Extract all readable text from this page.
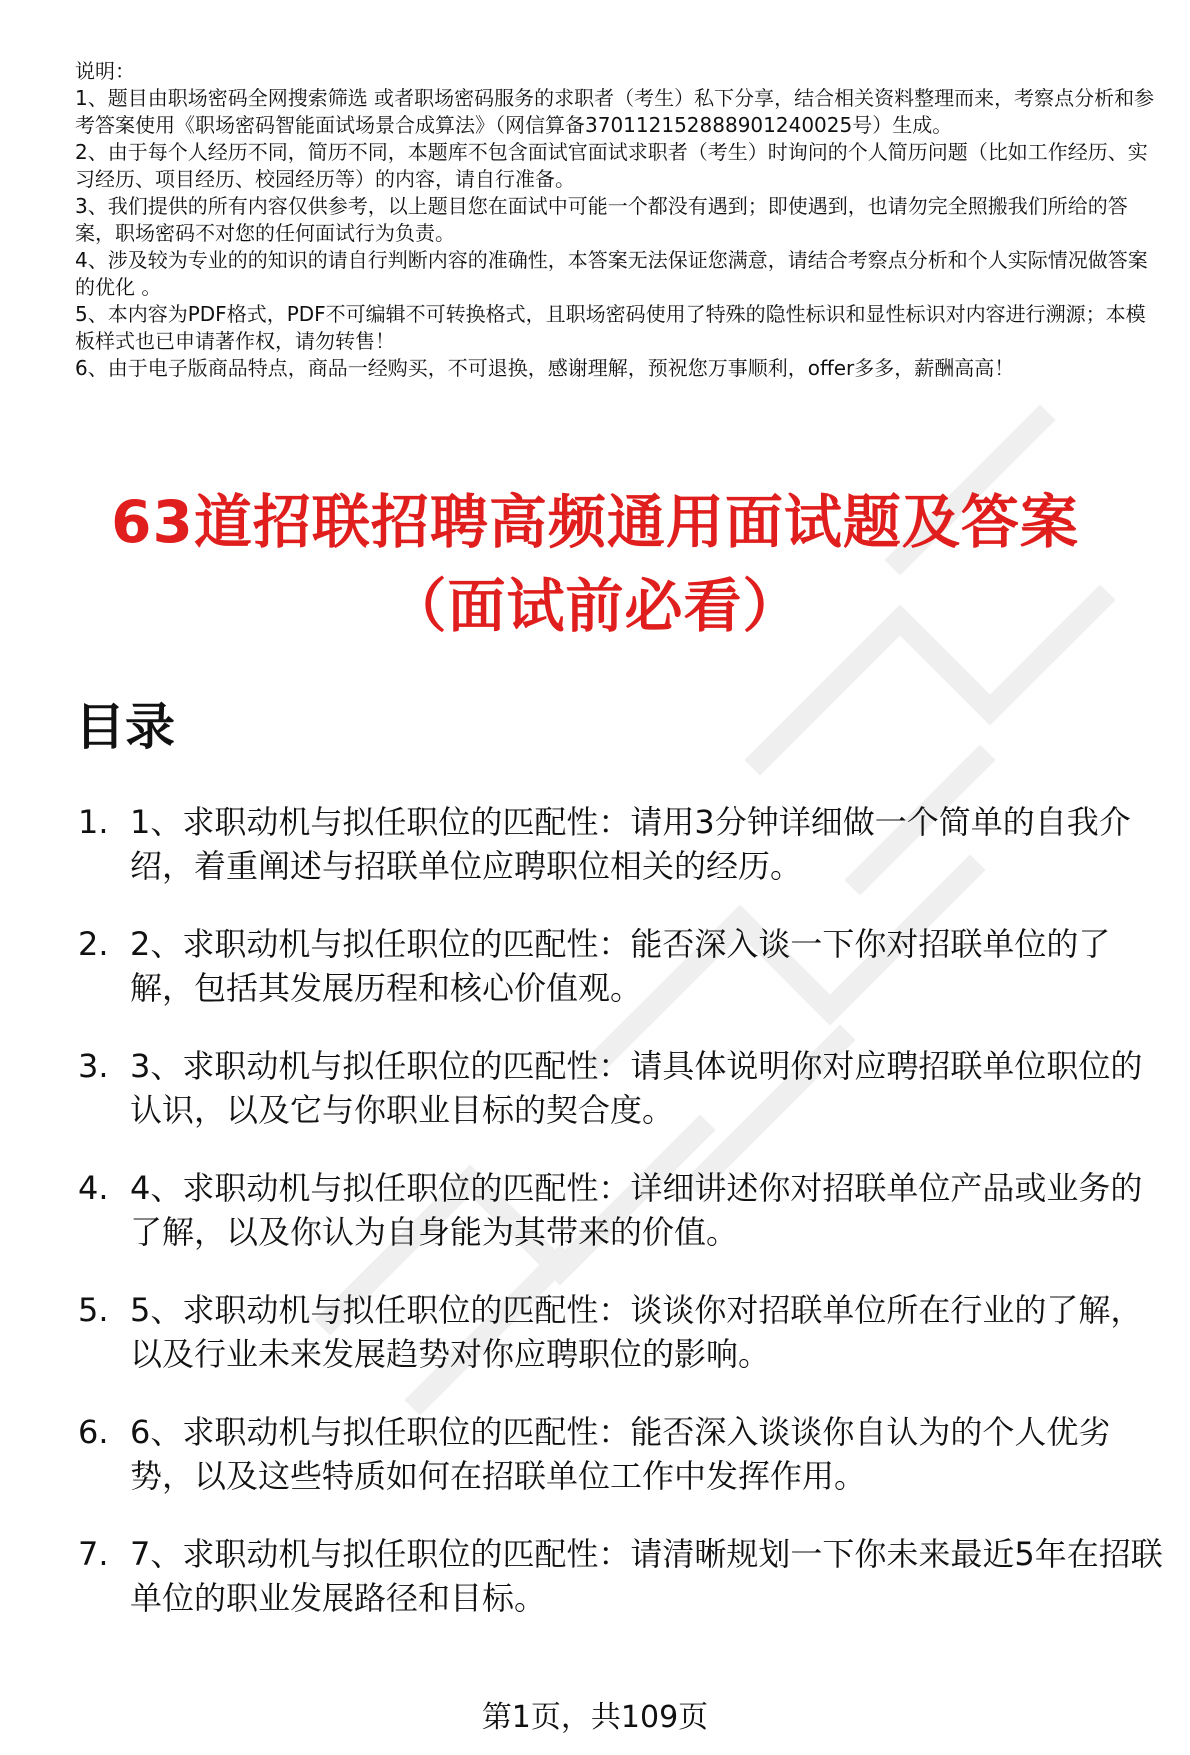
说明：

1、题目由职场密码全网搜索筛选 或者职场密码服务的求职者（考生）私下分享，结合相关资料整理而来，考察点分析和参考答案使用《职场密码智能面试场景合成算法》（网信算备370112152888901240025号）生成。

2、由于每个人经历不同，简历不同，本题库不包含面试官面试求职者（考生）时询问的个人简历问题（比如工作经历、实习经历、项目经历、校园经历等）的内容，请自行准备。

3、我们提供的所有内容仅供参考，以上题目您在面试中可能一个都没有遇到；即使遇到，也请勿完全照搬我们所给的答案，职场密码不对您的任何面试行为负责。

4、涉及较为专业的的知识的请自行判断内容的准确性，本答案无法保证您满意，请结合考察点分析和个人实际情况做答案的优化 。

5、本内容为PDF格式，PDF不可编辑不可转换格式，且职场密码使用了特殊的隐性标识和显性标识对内容进行溯源；本模板样式也已申请著作权，请勿转售！

6、由于电子版商品特点，商品一经购买，不可退换，感谢理解，预祝您万事顺利，offer多多，薪酬高高！

63道招联招聘高频通用面试题及答案（面试前必看）
目录
1. 1、求职动机与拟任职位的匹配性：请用3分钟详细做一个简单的自我介绍，着重阐述与招联单位应聘职位相关的经历。
2. 2、求职动机与拟任职位的匹配性：能否深入谈一下你对招联单位的了解，包括其发展历程和核心价值观。
3. 3、求职动机与拟任职位的匹配性：请具体说明你对应聘招联单位职位的认识，以及它与你职业目标的契合度。
4. 4、求职动机与拟任职位的匹配性：详细讲述你对招联单位产品或业务的了解，以及你认为自身能为其带来的价值。
5. 5、求职动机与拟任职位的匹配性：谈谈你对招联单位所在行业的了解，以及行业未来发展趋势对你应聘职位的影响。
6. 6、求职动机与拟任职位的匹配性：能否深入谈谈你自认为的个人优劣势，以及这些特质如何在招联单位工作中发挥作用。
7. 7、求职动机与拟任职位的匹配性：请清晰规划一下你未来最近5年在招联单位的职业发展路径和目标。
第1页，共109页
